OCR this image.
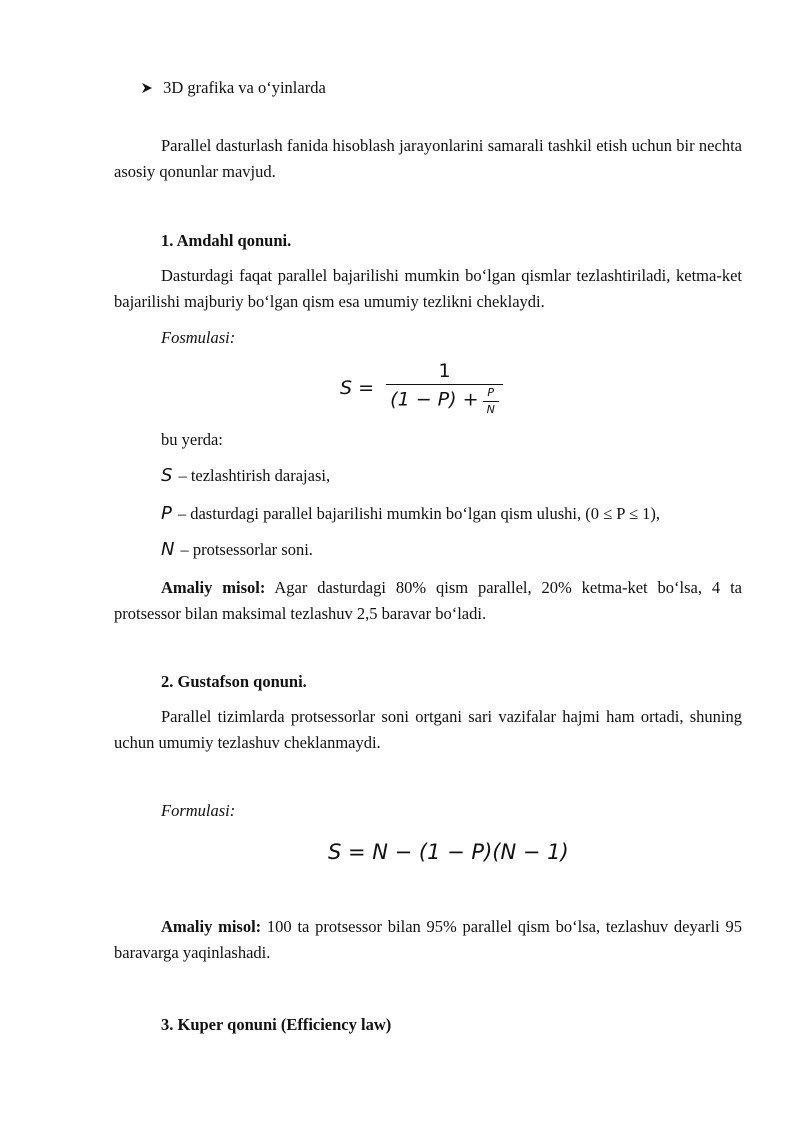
3D grafika va o‘yinlarda
Parallel dasturlash fanida hisoblash jarayonlarini samarali tashkil etish uchun bir nechta asosiy qonunlar mavjud.
1. Amdahl qonuni.
Dasturdagi faqat parallel bajarilishi mumkin bo‘lgan qismlar tezlashtiriladi, ketma-ket bajarilishi majburiy bo‘lgan qism esa umumiy tezlikni cheklaydi.
Fosmulasi:
$S = \frac{1}{(1 - P) + \frac{P}{N}}$
bu yerda:
S – tezlashtirish darajasi,
P – dasturdagi parallel bajarilishi mumkin bo‘lgan qism ulushi, (0 ≤ P ≤ 1),
N – protsessorlar soni.
Amaliy misol: Agar dasturdagi 80% qism parallel, 20% ketma-ket bo‘lsa, 4 ta protsessor bilan maksimal tezlashuv 2,5 baravar bo‘ladi.
2. Gustafson qonuni.
Parallel tizimlarda protsessorlar soni ortgani sari vazifalar hajmi ham ortadi, shuning uchun umumiy tezlashuv cheklanmaydi.
Formulasi:
S = N − (1 − P)(N − 1)
Amaliy misol: 100 ta protsessor bilan 95% parallel qism bo‘lsa, tezlashuv deyarli 95 baravarga yaqinlashadi.
3. Kuper qonuni (Efficiency law)
